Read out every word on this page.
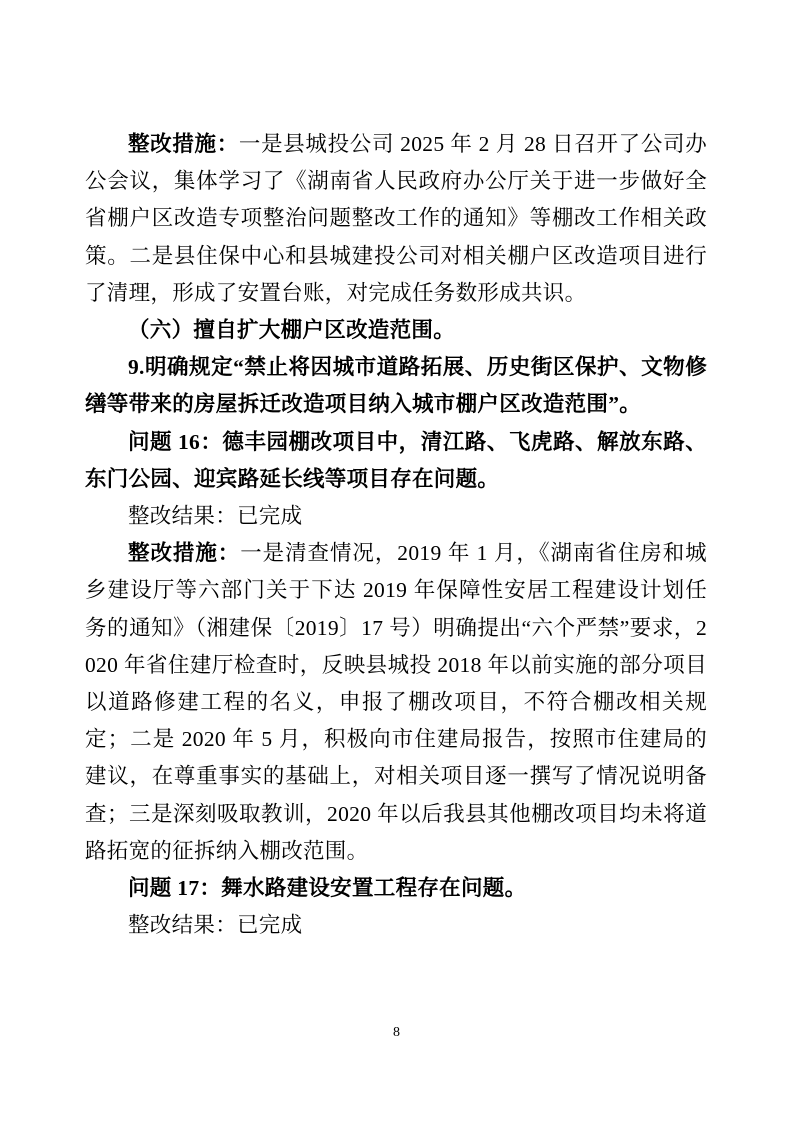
整改措施：一是县城投公司 2025 年 2 月 28 日召开了公司办公会议，集体学习了《湖南省人民政府办公厅关于进一步做好全省棚户区改造专项整治问题整改工作的通知》等棚改工作相关政策。二是县住保中心和县城建投公司对相关棚户区改造项目进行了清理，形成了安置台账，对完成任务数形成共识。

（六）擅自扩大棚户区改造范围。

9.明确规定“禁止将因城市道路拓展、历史街区保护、文物修缮等带来的房屋拆迁改造项目纳入城市棚户区改造范围”。

问题 16：德丰园棚改项目中，清江路、飞虎路、解放东路、东门公园、迎宾路延长线等项目存在问题。

整改结果：已完成

整改措施：一是清查情况，2019 年 1 月，《湖南省住房和城乡建设厅等六部门关于下达 2019 年保障性安居工程建设计划任务的通知》（湘建保〔2019〕17 号）明确提出“六个严禁”要求，2020 年省住建厅检查时，反映县城投 2018 年以前实施的部分项目以道路修建工程的名义，申报了棚改项目，不符合棚改相关规定；二是 2020 年 5 月，积极向市住建局报告，按照市住建局的建议，在尊重事实的基础上，对相关项目逐一撰写了情况说明备查；三是深刻吸取教训，2020 年以后我县其他棚改项目均未将道路拓宽的征拆纳入棚改范围。

问题 17：舞水路建设安置工程存在问题。

整改结果：已完成

8
